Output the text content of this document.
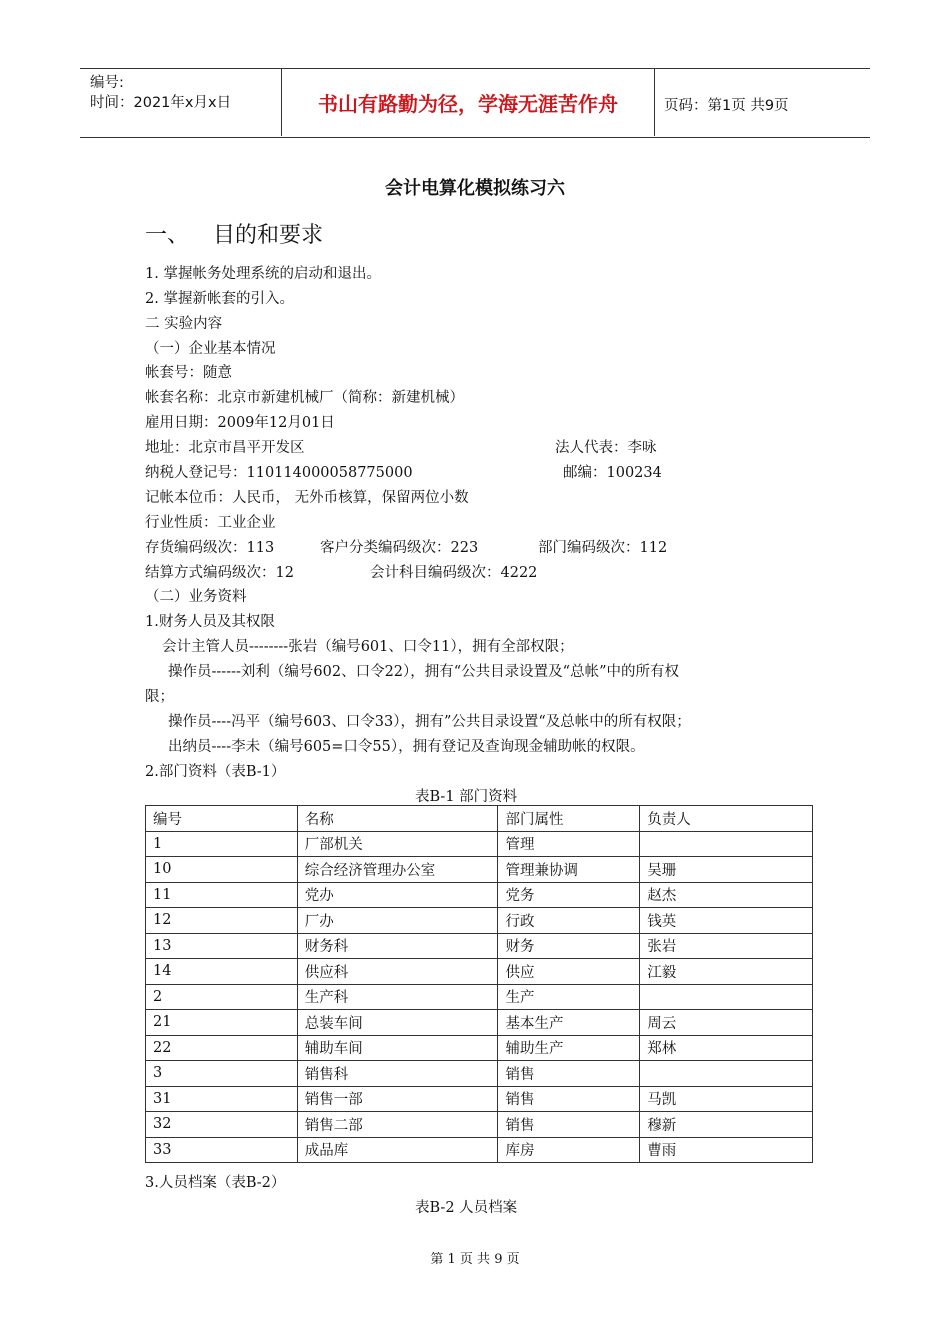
编号:
时间：2021年x月x日	书山有路勤为径，学海无涯苦作舟	页码：第1页 共9页
会计电算化模拟练习六
一、 目的和要求
1. 掌握帐务处理系统的启动和退出。
2. 掌握新帐套的引入。
二 实验内容
（一）企业基本情况
帐套号：随意
帐套名称：北京市新建机械厂（简称：新建机械）
雇用日期：2009年12月01日
地址：北京市昌平开发区	法人代表：李咏
纳税人登记号：110114000058775000	邮编：100234
记帐本位币：人民币， 无外币核算，保留两位小数
行业性质：工业企业
存货编码级次：113	客户分类编码级次：223	部门编码级次：112
结算方式编码级次：12	会计科目编码级次：4222
（二）业务资料
1.财务人员及其权限
会计主管人员--------张岩（编号601、口令11），拥有全部权限；
操作员------刘利（编号602、口令22），拥有“公共目录设置及“总帐”中的所有权
限；
操作员----冯平（编号603、口令33），拥有”公共目录设置“及总帐中的所有权限；
出纳员----李未（编号605=口令55），拥有登记及查询现金辅助帐的权限。
2.部门资料（表B-1）
表B-1 部门资料
编号	名称	部门属性	负责人
1	厂部机关	管理	
10	综合经济管理办公室	管理兼协调	吴珊
11	党办	党务	赵杰
12	厂办	行政	钱英
13	财务科	财务	张岩
14	供应科	供应	江毅
2	生产科	生产	
21	总装车间	基本生产	周云
22	辅助车间	辅助生产	郑林
3	销售科	销售	
31	销售一部	销售	马凯
32	销售二部	销售	穆新
33	成品库	库房	曹雨
3.人员档案（表B-2）
表B-2 人员档案
第 1 页 共 9 页
